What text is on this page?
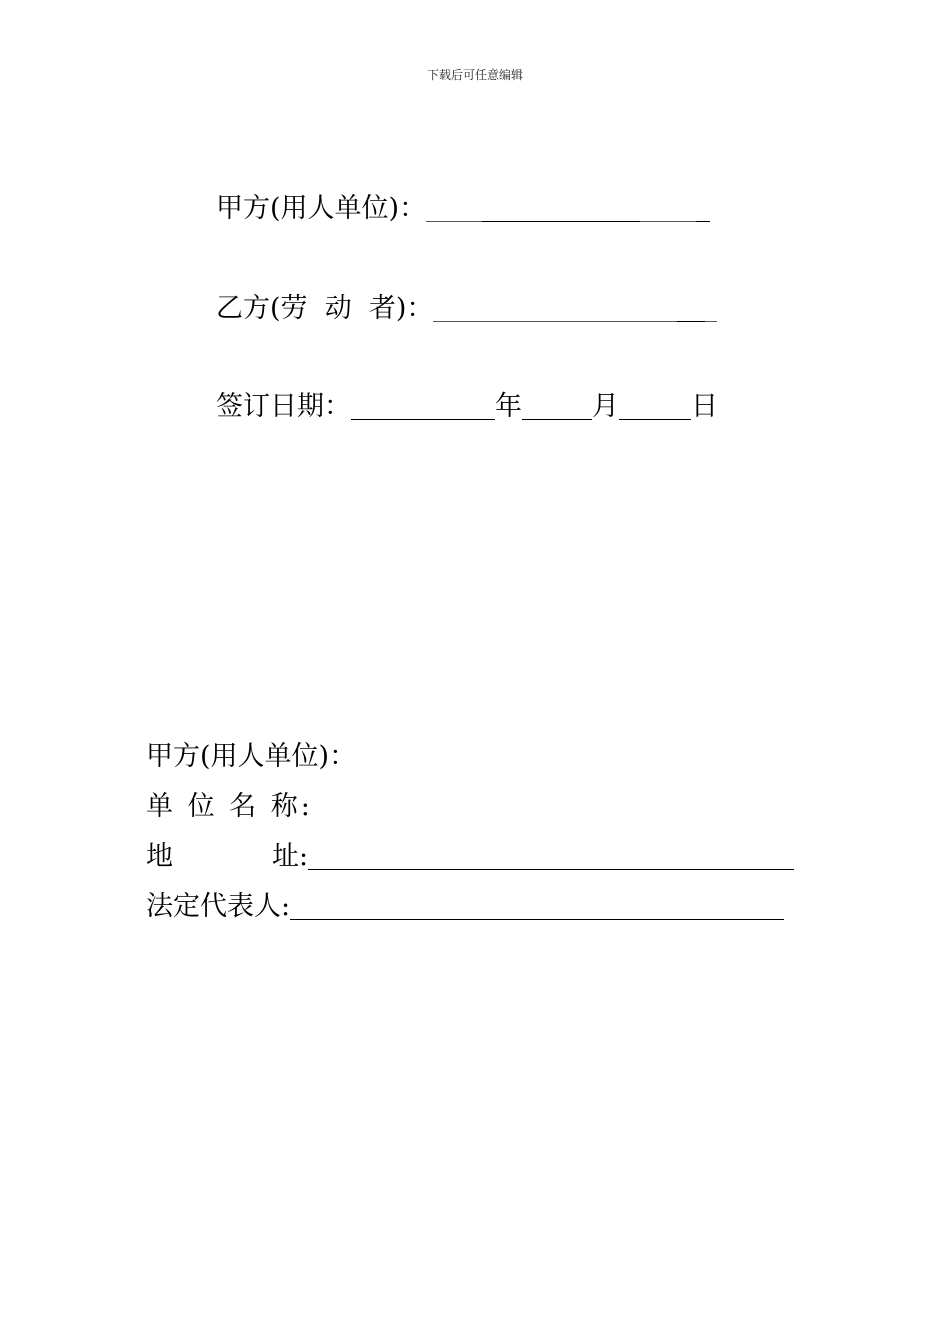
下载后可任意编辑
甲方(用人单位)：
乙方(劳  动  者)：
签订日期：	年	月	日
甲方(用人单位)：
单 位 名 称:
地	址:
法定代表人:
